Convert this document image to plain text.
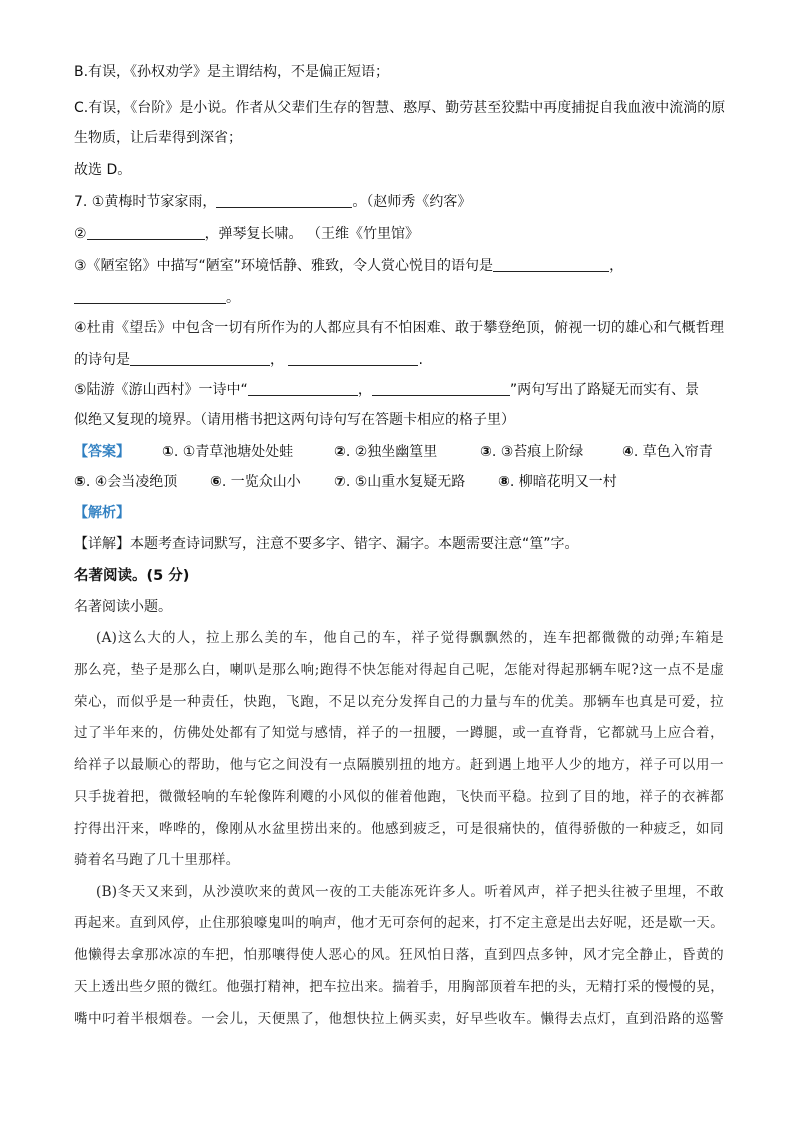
B.有误，《孙权劝学》是主谓结构，不是偏正短语；
C.有误，《台阶》是小说。作者从父辈们生存的智慧、憨厚、勤劳甚至狡黠中再度捕捉自我血液中流淌的原
生物质，让后辈得到深省；
故选 D。
7. ①黄梅时节家家雨，	。（赵师秀《约客》
②	，弹琴复长啸。 （王维《竹里馆》
③《陋室铭》中描写“陋室”环境恬静、雅致，令人赏心悦目的语句是	，
。
④杜甫《望岳》中包含一切有所作为的人都应具有不怕困难、敢于攀登绝顶，俯视一切的雄心和气概哲理
的诗句是	，	.
⑤陆游《游山西村》一诗中“	，	”两句写出了路疑无而实有、景
似绝又复现的境界。（请用楷书把这两句诗句写在答题卡相应的格子里）
【答案】 ①. ①青草池塘处处蛙	②. ②独坐幽篁里	③. ③苔痕上阶绿	④. 草色入帘青
⑤. ④会当凌绝顶 ⑥. 一览众山小 ⑦. ⑤山重水复疑无路 ⑧. 柳暗花明又一村
【解析】
【详解】本题考查诗词默写，注意不要多字、错字、漏字。本题需要注意“篁”字。
名著阅读。(5 分)
名著阅读小题。
(A)这么大的人，拉上那么美的车，他自己的车，祥子觉得飘飘然的，连车把都微微的动弹;车箱是
那么亮，垫子是那么白，喇叭是那么响;跑得不快怎能对得起自己呢，怎能对得起那辆车呢?这一点不是虚
荣心，而似乎是一种责任，快跑，飞跑，不足以充分发挥自己的力量与车的优美。那辆车也真是可爱，拉
过了半年来的，仿佛处处都有了知觉与感情，祥子的一扭腰，一蹲腿，或一直脊背，它都就马上应合着，
给祥子以最顺心的帮助，他与它之间没有一点隔膜别扭的地方。赶到遇上地平人少的地方，祥子可以用一
只手拢着把，微微轻响的车轮像阵利飕的小风似的催着他跑，飞快而平稳。拉到了目的地，祥子的衣裤都
拧得出汗来，哗哗的，像刚从水盆里捞出来的。他感到疲乏，可是很痛快的，值得骄傲的一种疲乏，如同
骑着名马跑了几十里那样。
(B)冬天又来到，从沙漠吹来的黄风一夜的工夫能冻死许多人。听着风声，祥子把头往被子里埋，不敢
再起来。直到风停，止住那狼嚎鬼叫的响声，他才无可奈何的起来，打不定主意是出去好呢，还是歇一天。
他懒得去拿那冰凉的车把，怕那嚷得使人恶心的风。狂风怕日落，直到四点多钟，风才完全静止，昏黄的
天上透出些夕照的微红。他强打精神，把车拉出来。揣着手，用胸部顶着车把的头，无精打采的慢慢的晃，
嘴中叼着半根烟卷。一会儿，天便黑了，他想快拉上俩买卖，好早些收车。懒得去点灯，直到沿路的巡警
